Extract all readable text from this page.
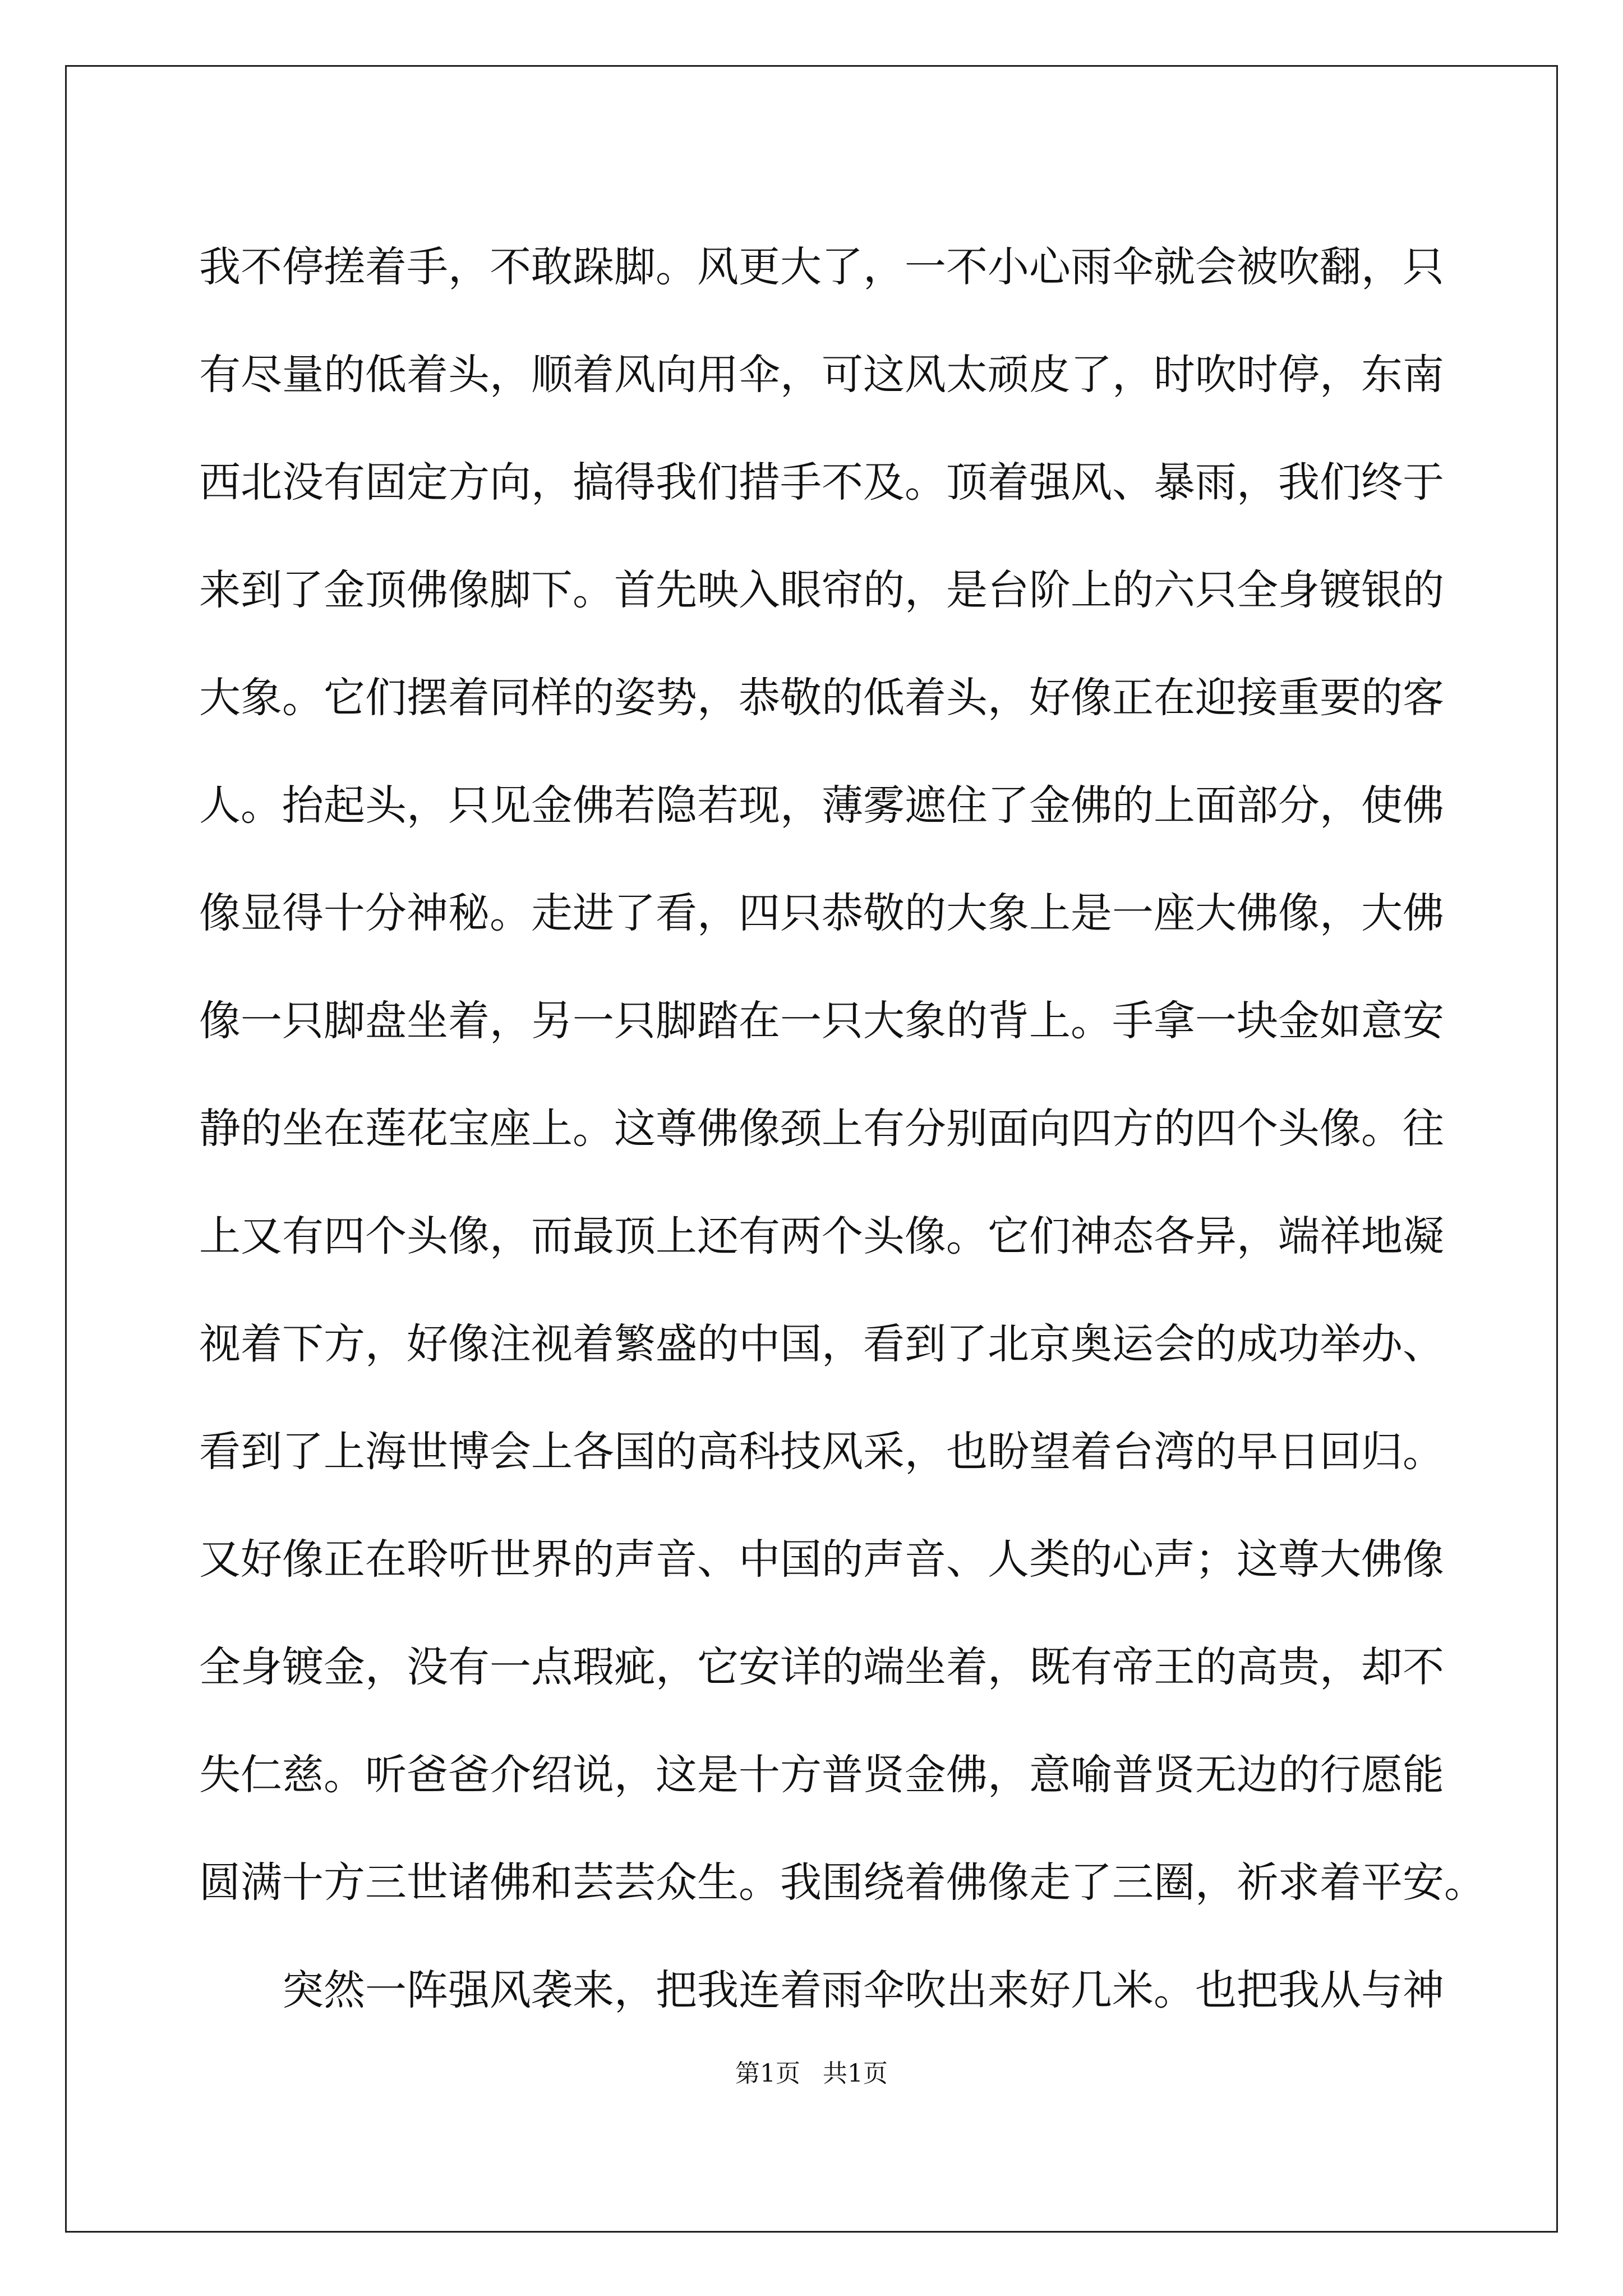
我不停搓着手，不敢跺脚。风更大了，一不小心雨伞就会被吹翻，只
有尽量的低着头，顺着风向用伞，可这风太顽皮了，时吹时停，东南
西北没有固定方向，搞得我们措手不及。顶着强风、暴雨，我们终于
来到了金顶佛像脚下。首先映入眼帘的，是台阶上的六只全身镀银的
大象。它们摆着同样的姿势，恭敬的低着头，好像正在迎接重要的客
人。抬起头，只见金佛若隐若现，薄雾遮住了金佛的上面部分，使佛
像显得十分神秘。走进了看，四只恭敬的大象上是一座大佛像，大佛
像一只脚盘坐着，另一只脚踏在一只大象的背上。手拿一块金如意安
静的坐在莲花宝座上。这尊佛像颈上有分别面向四方的四个头像。往
上又有四个头像，而最顶上还有两个头像。它们神态各异，端祥地凝
视着下方，好像注视着繁盛的中国，看到了北京奥运会的成功举办、
看到了上海世博会上各国的高科技风采，也盼望着台湾的早日回归。
又好像正在聆听世界的声音、中国的声音、人类的心声；这尊大佛像
全身镀金，没有一点瑕疵，它安详的端坐着，既有帝王的高贵，却不
失仁慈。听爸爸介绍说，这是十方普贤金佛，意喻普贤无边的行愿能
圆满十方三世诸佛和芸芸众生。我围绕着佛像走了三圈，祈求着平安。
突然一阵强风袭来，把我连着雨伞吹出来好几米。也把我从与神
第1页 共1页
